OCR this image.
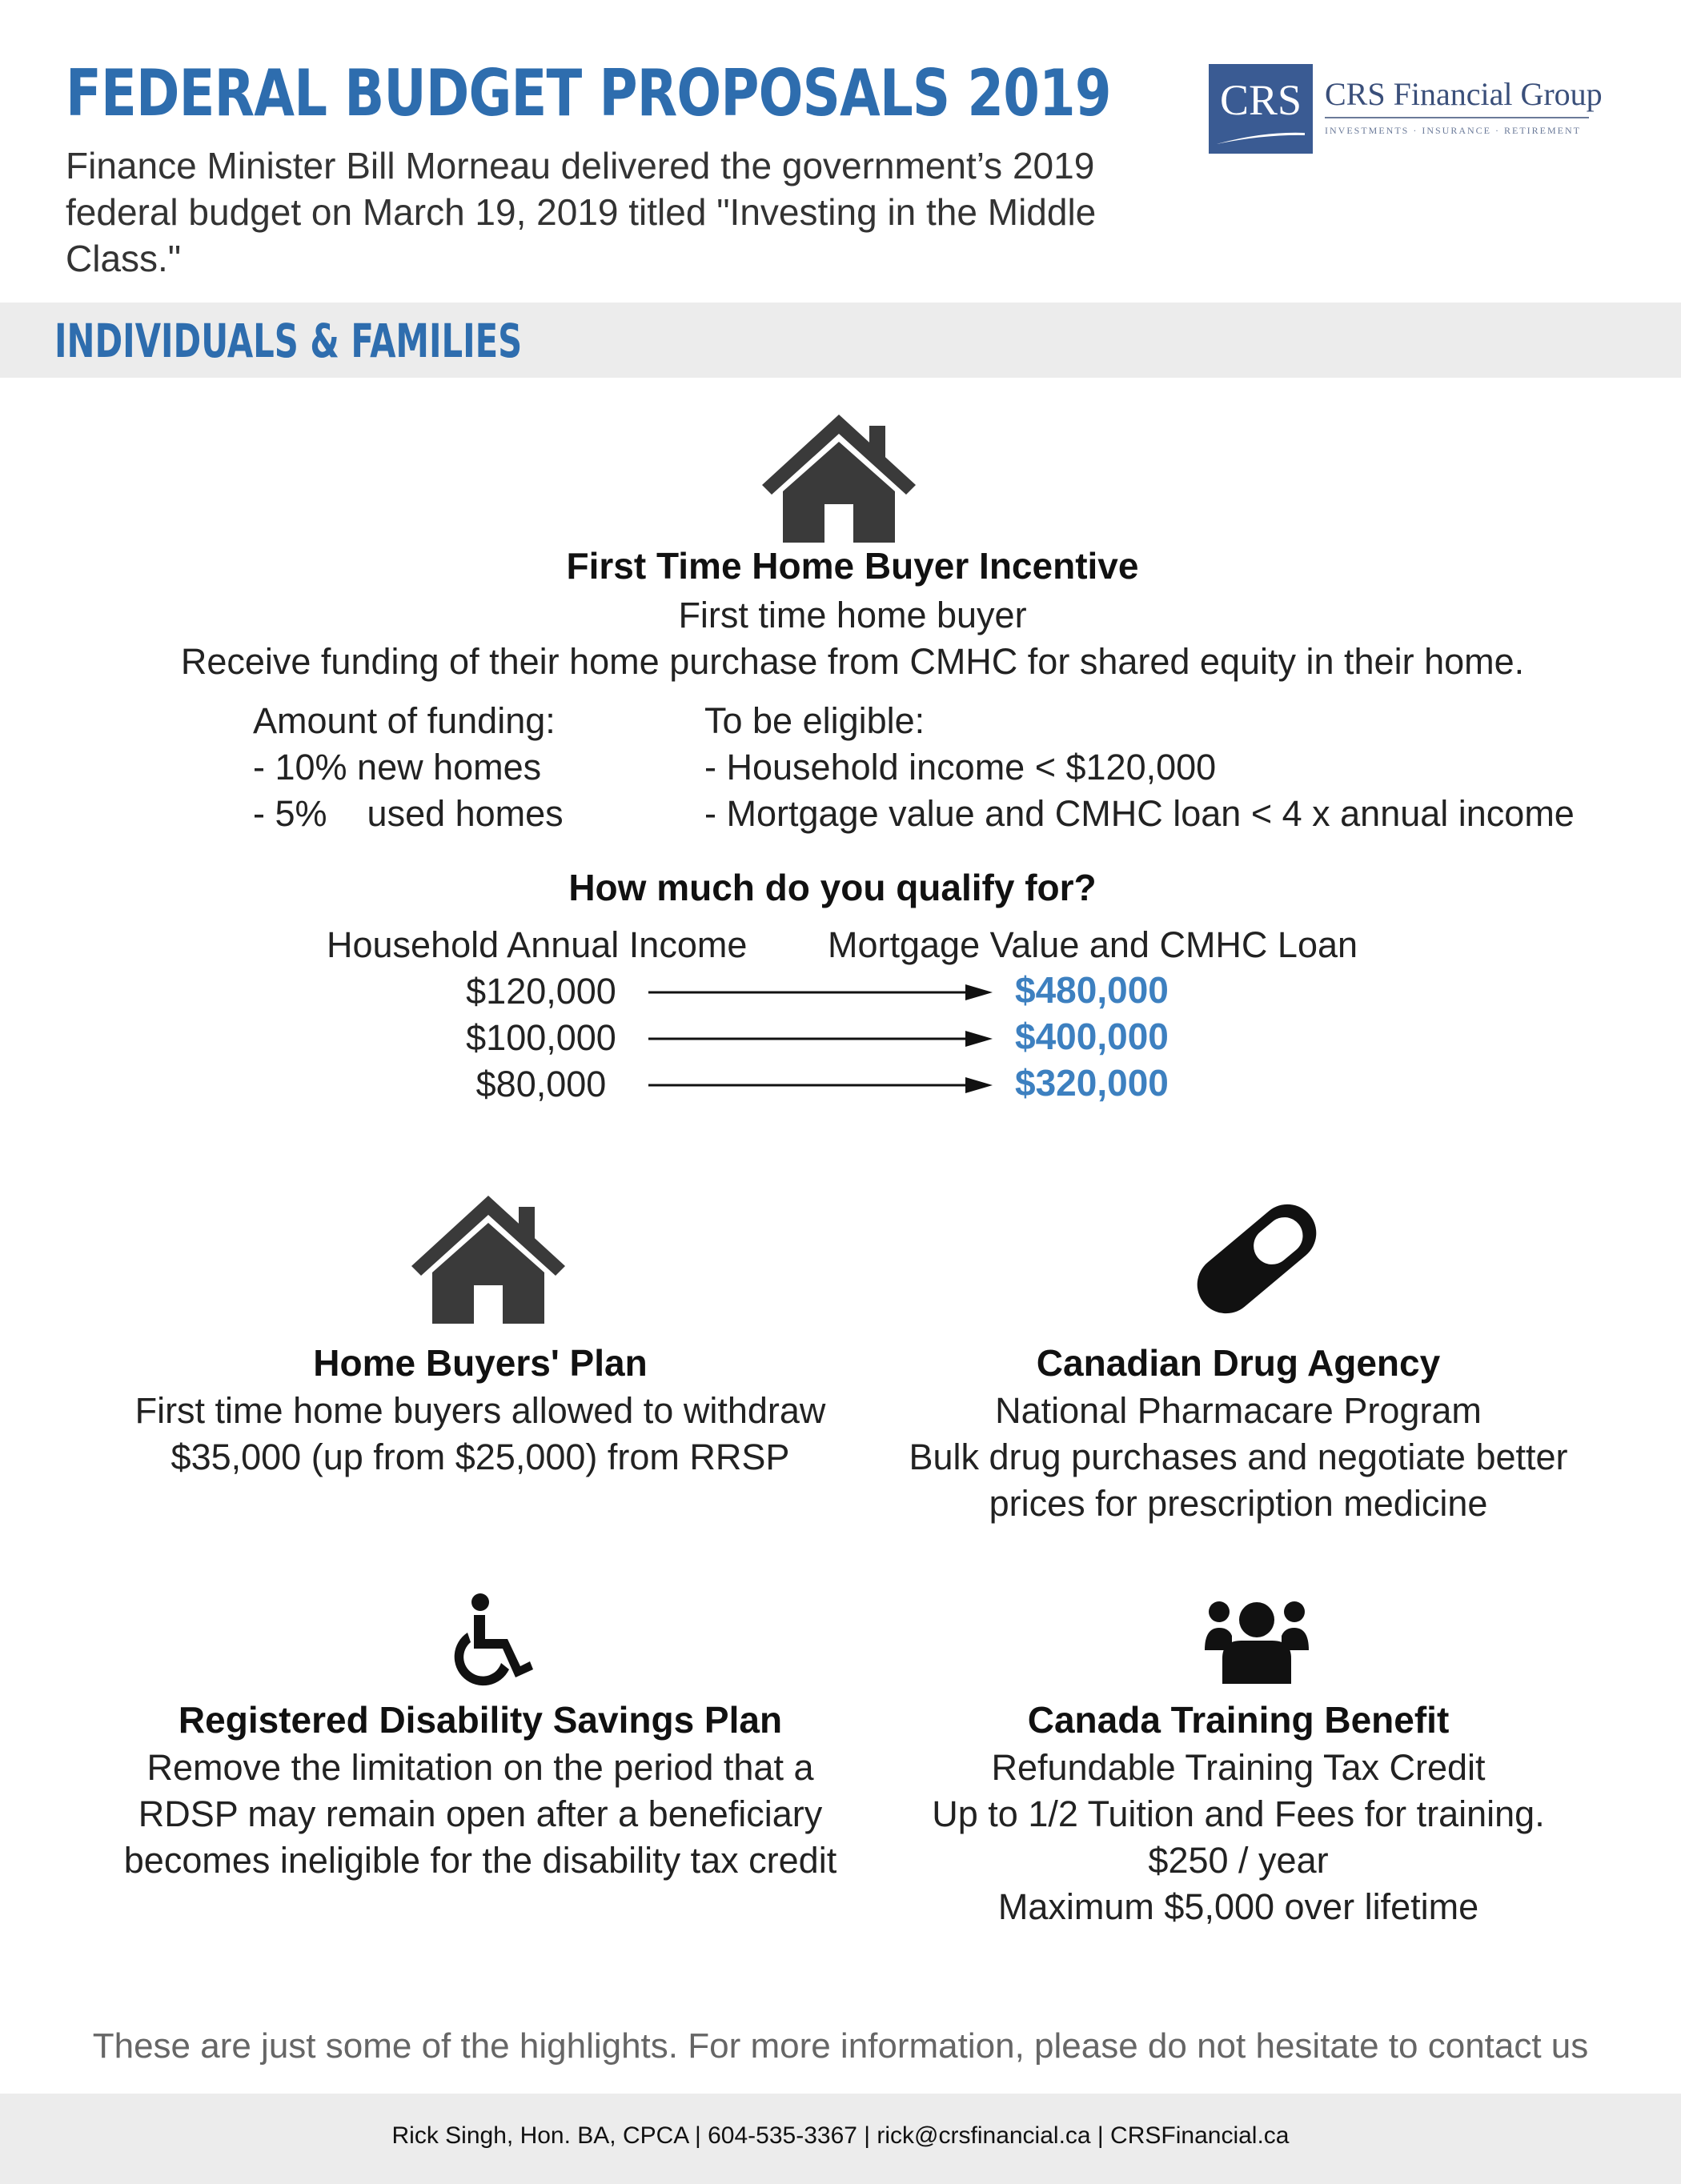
FEDERAL BUDGET PROPOSALS 2019

Finance Minister Bill Morneau delivered the government’s 2019 federal budget on March 19, 2019 titled "Investing in the Middle Class."

CRS CRS Financial Group
INVESTMENTS · INSURANCE · RETIREMENT
INDIVIDUALS & FAMILIES
First Time Home Buyer Incentive
First time home buyer
Receive funding of their home purchase from CMHC for shared equity in their home.
Amount of funding:
- 10% new homes
- 5%    used homes
To be eligible:
- Household income < $120,000
- Mortgage value and CMHC loan < 4 x annual income
How much do you qualify for?
Household Annual Income Mortgage Value and CMHC Loan
$120,000	$480,000
$100,000	$400,000
$80,000	$320,000
Home Buyers' Plan
First time home buyers allowed to withdraw
$35,000 (up from $25,000) from RRSP
Canadian Drug Agency
National Pharmacare Program
Bulk drug purchases and negotiate better
prices for prescription medicine
Registered Disability Savings Plan
Remove the limitation on the period that a
RDSP may remain open after a beneficiary
becomes ineligible for the disability tax credit
Canada Training Benefit
Refundable Training Tax Credit
Up to 1/2 Tuition and Fees for training.
$250 / year
Maximum $5,000 over lifetime
These are just some of the highlights. For more information, please do not hesitate to contact us
Rick Singh, Hon. BA, CPCA | 604-535-3367 | rick@crsfinancial.ca | CRSFinancial.ca
